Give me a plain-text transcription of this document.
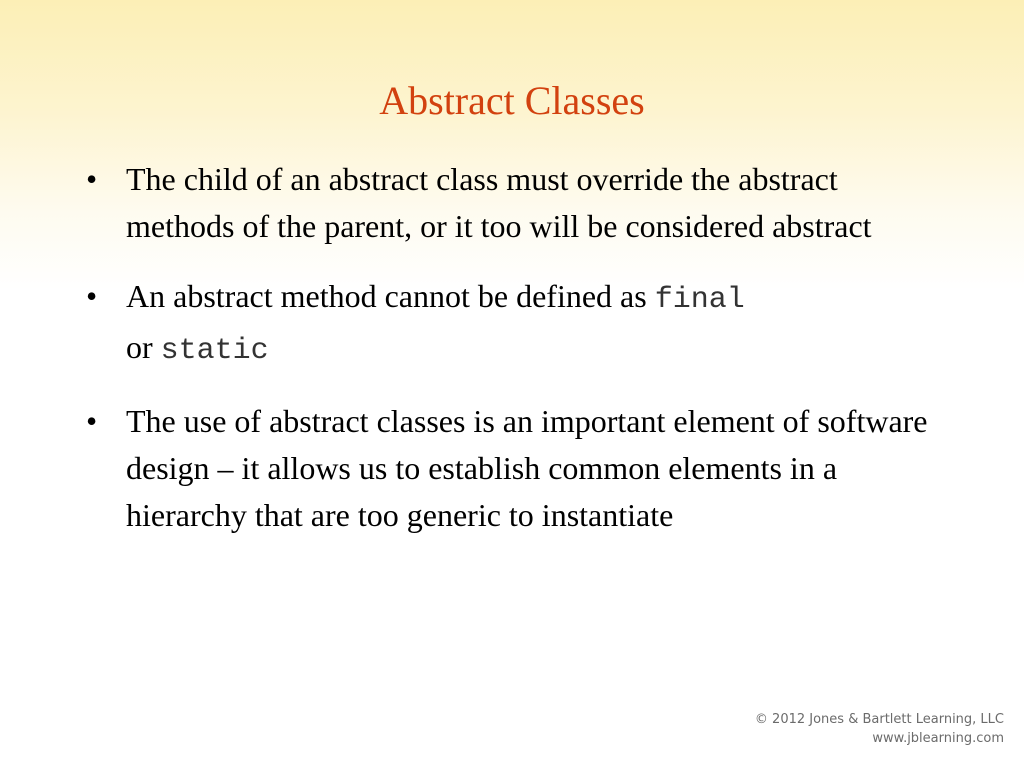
Abstract Classes
• The child of an abstract class must override the abstract methods of the parent, or it too will be considered abstract
• An abstract method cannot be defined as final
or static
• The use of abstract classes is an important element of software design – it allows us to establish common elements in a hierarchy that are too generic to instantiate
© 2012 Jones & Bartlett Learning, LLC
www.jblearning.com
